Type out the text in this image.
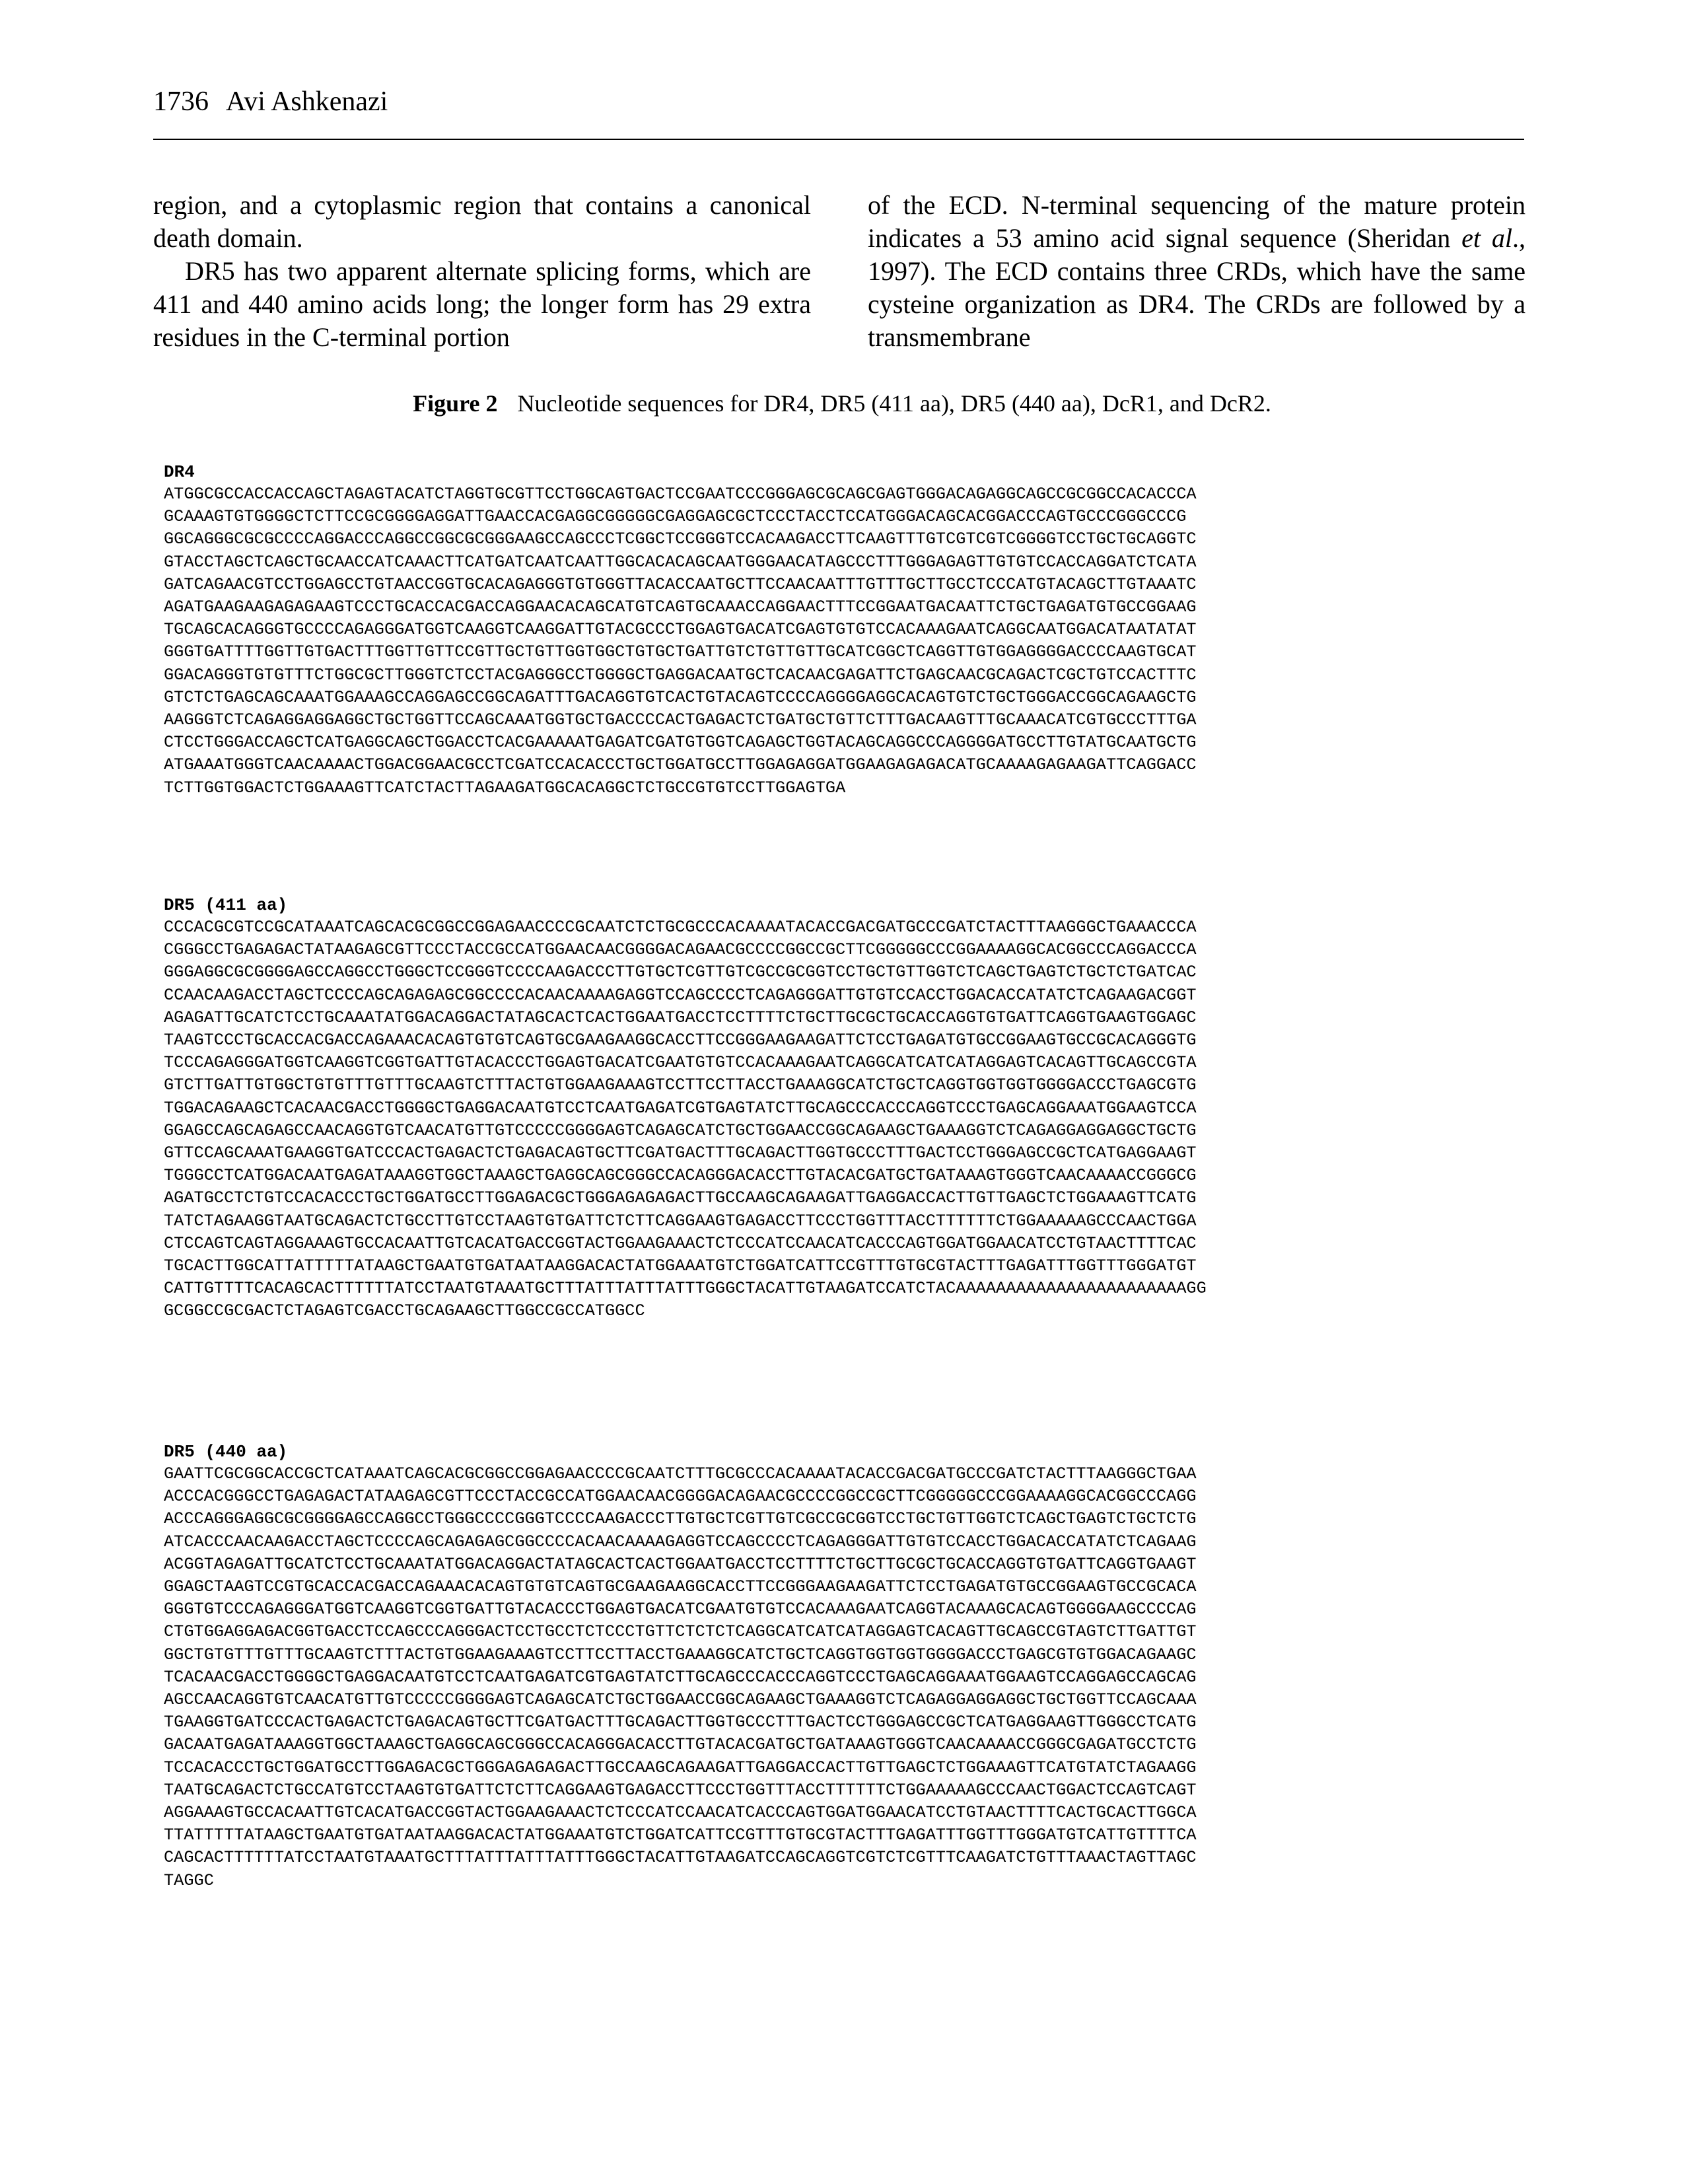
1736 Avi Ashkenazi

region, and a cytoplasmic region that contains a canonical death domain.

DR5 has two apparent alternate splicing forms, which are 411 and 440 amino acids long; the longer form has 29 extra residues in the C-terminal portion

of the ECD. N-terminal sequencing of the mature protein indicates a 53 amino acid signal sequence (Sheridan et al., 1997). The ECD contains three CRDs, which have the same cysteine organization as DR4. The CRDs are followed by a transmembrane

Figure 2 Nucleotide sequences for DR4, DR5 (411 aa), DR5 (440 aa), DcR1, and DcR2.
DR4
ATGGCGCCACCACCAGCTAGAGTACATCTAGGTGCGTTCCTGGCAGTGACTCCGAATCCCGGGAGCGCAGCGAGTGGGACAGAGGCAGCCGCGGCCACACCCA
GCAAAGTGTGGGGCTCTTCCGCGGGGAGGATTGAACCACGAGGCGGGGGCGAGGAGCGCTCCCTACCTCCATGGGACAGCACGGACCCAGTGCCCGGGCCCG
GGCAGGGCGCGCCCCAGGACCCAGGCCGGCGCGGGAAGCCAGCCCTCGGCTCCGGGTCCACAAGACCTTCAAGTTTGTCGTCGTCGGGGTCCTGCTGCAGGTC
GTACCTAGCTCAGCTGCAACCATCAAACTTCATGATCAATCAATTGGCACACAGCAATGGGAACATAGCCCTTTGGGAGAGTTGTGTCCACCAGGATCTCATA
GATCAGAACGTCCTGGAGCCTGTAACCGGTGCACAGAGGGTGTGGGTTACACCAATGCTTCCAACAATTTGTTTGCTTGCCTCCCATGTACAGCTTGTAAATC
AGATGAAGAAGAGAGAAGTCCCTGCACCACGACCAGGAACACAGCATGTCAGTGCAAACCAGGAACTTTCCGGAATGACAATTCTGCTGAGATGTGCCGGAAG
TGCAGCACAGGGTGCCCCAGAGGGATGGTCAAGGTCAAGGATTGTACGCCCTGGAGTGACATCGAGTGTGTCCACAAAGAATCAGGCAATGGACATAATATAT
GGGTGATTTTGGTTGTGACTTTGGTTGTTCCGTTGCTGTTGGTGGCTGTGCTGATTGTCTGTTGTTGCATCGGCTCAGGTTGTGGAGGGGACCCCAAGTGCAT
GGACAGGGTGTGTTTCTGGCGCTTGGGTCTCCTACGAGGGCCTGGGGCTGAGGACAATGCTCACAACGAGATTCTGAGCAACGCAGACTCGCTGTCCACTTTC
GTCTCTGAGCAGCAAATGGAAAGCCAGGAGCCGGCAGATTTGACAGGTGTCACTGTACAGTCCCCAGGGGAGGCACAGTGTCTGCTGGGACCGGCAGAAGCTG
AAGGGTCTCAGAGGAGGAGGCTGCTGGTTCCAGCAAATGGTGCTGACCCCACTGAGACTCTGATGCTGTTCTTTGACAAGTTTGCAAACATCGTGCCCTTTGA
CTCCTGGGACCAGCTCATGAGGCAGCTGGACCTCACGAAAAATGAGATCGATGTGGTCAGAGCTGGTACAGCAGGCCCAGGGGATGCCTTGTATGCAATGCTG
ATGAAATGGGTCAACAAAACTGGACGGAACGCCTCGATCCACACCCTGCTGGATGCCTTGGAGAGGATGGAAGAGAGACATGCAAAAGAGAAGATTCAGGACC
TCTTGGTGGACTCTGGAAAGTTCATCTACTTAGAAGATGGCACAGGCTCTGCCGTGTCCTTGGAGTGA
DR5 (411 aa)
CCCACGCGTCCGCATAAATCAGCACGCGGCCGGAGAACCCCGCAATCTCTGCGCCCACAAAATACACCGACGATGCCCGATCTACTTTAAGGGCTGAAACCCA
CGGGCCTGAGAGACTATAAGAGCGTTCCCTACCGCCATGGAACAACGGGGACAGAACGCCCCGGCCGCTTCGGGGGCCCGGAAAAGGCACGGCCCAGGACCCA
GGGAGGCGCGGGGAGCCAGGCCTGGGCTCCGGGTCCCCAAGACCCTTGTGCTCGTTGTCGCCGCGGTCCTGCTGTTGGTCTCAGCTGAGTCTGCTCTGATCAC
CCAACAAGACCTAGCTCCCCAGCAGAGAGCGGCCCCACAACAAAAGAGGTCCAGCCCCTCAGAGGGATTGTGTCCACCTGGACACCATATCTCAGAAGACGGT
AGAGATTGCATCTCCTGCAAATATGGACAGGACTATAGCACTCACTGGAATGACCTCCTTTTCTGCTTGCGCTGCACCAGGTGTGATTCAGGTGAAGTGGAGC
TAAGTCCCTGCACCACGACCAGAAACACAGTGTGTCAGTGCGAAGAAGGCACCTTCCGGGAAGAAGATTCTCCTGAGATGTGCCGGAAGTGCCGCACAGGGTG
TCCCAGAGGGATGGTCAAGGTCGGTGATTGTACACCCTGGAGTGACATCGAATGTGTCCACAAAGAATCAGGCATCATCATAGGAGTCACAGTTGCAGCCGTA
GTCTTGATTGTGGCTGTGTTTGTTTGCAAGTCTTTACTGTGGAAGAAAGTCCTTCCTTACCTGAAAGGCATCTGCTCAGGTGGTGGTGGGGACCCTGAGCGTG
TGGACAGAAGCTCACAACGACCTGGGGCTGAGGACAATGTCCTCAATGAGATCGTGAGTATCTTGCAGCCCACCCAGGTCCCTGAGCAGGAAATGGAAGTCCA
GGAGCCAGCAGAGCCAACAGGTGTCAACATGTTGTCCCCCGGGGAGTCAGAGCATCTGCTGGAACCGGCAGAAGCTGAAAGGTCTCAGAGGAGGAGGCTGCTG
GTTCCAGCAAATGAAGGTGATCCCACTGAGACTCTGAGACAGTGCTTCGATGACTTTGCAGACTTGGTGCCCTTTGACTCCTGGGAGCCGCTCATGAGGAAGT
TGGGCCTCATGGACAATGAGATAAAGGTGGCTAAAGCTGAGGCAGCGGGCCACAGGGACACCTTGTACACGATGCTGATAAAGTGGGTCAACAAAACCGGGCG
AGATGCCTCTGTCCACACCCTGCTGGATGCCTTGGAGACGCTGGGAGAGAGACTTGCCAAGCAGAAGATTGAGGACCACTTGTTGAGCTCTGGAAAGTTCATG
TATCTAGAAGGTAATGCAGACTCTGCCTTGTCCTAAGTGTGATTCTCTTCAGGAAGTGAGACCTTCCCTGGTTTACCTTTTTTCTGGAAAAAGCCCAACTGGA
CTCCAGTCAGTAGGAAAGTGCCACAATTGTCACATGACCGGTACTGGAAGAAACTCTCCCATCCAACATCACCCAGTGGATGGAACATCCTGTAACTTTTCAC
TGCACTTGGCATTATTTTTATAAGCTGAATGTGATAATAAGGACACTATGGAAATGTCTGGATCATTCCGTTTGTGCGTACTTTGAGATTTGGTTTGGGATGT
CATTGTTTTCACAGCACTTTTTTATCCTAATGTAAATGCTTTATTTATTTATTTGGGCTACATTGTAAGATCCATCTACAAAAAAAAAAAAAAAAAAAAAAAGG
GCGGCCGCGACTCTAGAGTCGACCTGCAGAAGCTTGGCCGCCATGGCC
DR5 (440 aa)
GAATTCGCGGCACCGCTCATAAATCAGCACGCGGCCGGAGAACCCCGCAATCTTTGCGCCCACAAAATACACCGACGATGCCCGATCTACTTTAAGGGCTGAA
ACCCACGGGCCTGAGAGACTATAAGAGCGTTCCCTACCGCCATGGAACAACGGGGACAGAACGCCCCGGCCGCTTCGGGGGCCCGGAAAAGGCACGGCCCAGG
ACCCAGGGAGGCGCGGGGAGCCAGGCCTGGGCCCCGGGTCCCCAAGACCCTTGTGCTCGTTGTCGCCGCGGTCCTGCTGTTGGTCTCAGCTGAGTCTGCTCTG
ATCACCCAACAAGACCTAGCTCCCCAGCAGAGAGCGGCCCCACAACAAAAGAGGTCCAGCCCCTCAGAGGGATTGTGTCCACCTGGACACCATATCTCAGAAG
ACGGTAGAGATTGCATCTCCTGCAAATATGGACAGGACTATAGCACTCACTGGAATGACCTCCTTTTCTGCTTGCGCTGCACCAGGTGTGATTCAGGTGAAGT
GGAGCTAAGTCCGTGCACCACGACCAGAAACACAGTGTGTCAGTGCGAAGAAGGCACCTTCCGGGAAGAAGATTCTCCTGAGATGTGCCGGAAGTGCCGCACA
GGGTGTCCCAGAGGGATGGTCAAGGTCGGTGATTGTACACCCTGGAGTGACATCGAATGTGTCCACAAAGAATCAGGTACAAAGCACAGTGGGGAAGCCCCAG
CTGTGGAGGAGACGGTGACCTCCAGCCCAGGGACTCCTGCCTCTCCCTGTTCTCTCTCAGGCATCATCATAGGAGTCACAGTTGCAGCCGTAGTCTTGATTGT
GGCTGTGTTTGTTTGCAAGTCTTTACTGTGGAAGAAAGTCCTTCCTTACCTGAAAGGCATCTGCTCAGGTGGTGGTGGGGACCCTGAGCGTGTGGACAGAAGC
TCACAACGACCTGGGGCTGAGGACAATGTCCTCAATGAGATCGTGAGTATCTTGCAGCCCACCCAGGTCCCTGAGCAGGAAATGGAAGTCCAGGAGCCAGCAG
AGCCAACAGGTGTCAACATGTTGTCCCCCGGGGAGTCAGAGCATCTGCTGGAACCGGCAGAAGCTGAAAGGTCTCAGAGGAGGAGGCTGCTGGTTCCAGCAAA
TGAAGGTGATCCCACTGAGACTCTGAGACAGTGCTTCGATGACTTTGCAGACTTGGTGCCCTTTGACTCCTGGGAGCCGCTCATGAGGAAGTTGGGCCTCATG
GACAATGAGATAAAGGTGGCTAAAGCTGAGGCAGCGGGCCACAGGGACACCTTGTACACGATGCTGATAAAGTGGGTCAACAAAACCGGGCGAGATGCCTCTG
TCCACACCCTGCTGGATGCCTTGGAGACGCTGGGAGAGAGACTTGCCAAGCAGAAGATTGAGGACCACTTGTTGAGCTCTGGAAAGTTCATGTATCTAGAAGG
TAATGCAGACTCTGCCATGTCCTAAGTGTGATTCTCTTCAGGAAGTGAGACCTTCCCTGGTTTACCTTTTTTCTGGAAAAAGCCCAACTGGACTCCAGTCAGT
AGGAAAGTGCCACAATTGTCACATGACCGGTACTGGAAGAAACTCTCCCATCCAACATCACCCAGTGGATGGAACATCCTGTAACTTTTCACTGCACTTGGCA
TTATTTTTATAAGCTGAATGTGATAATAAGGACACTATGGAAATGTCTGGATCATTCCGTTTGTGCGTACTTTGAGATTTGGTTTGGGATGTCATTGTTTTCA
CAGCACTTTTTTATCCTAATGTAAATGCTTTATTTATTTATTTGGGCTACATTGTAAGATCCAGCAGGTCGTCTCGTTTCAAGATCTGTTTAAACTAGTTAGC
TAGGC
